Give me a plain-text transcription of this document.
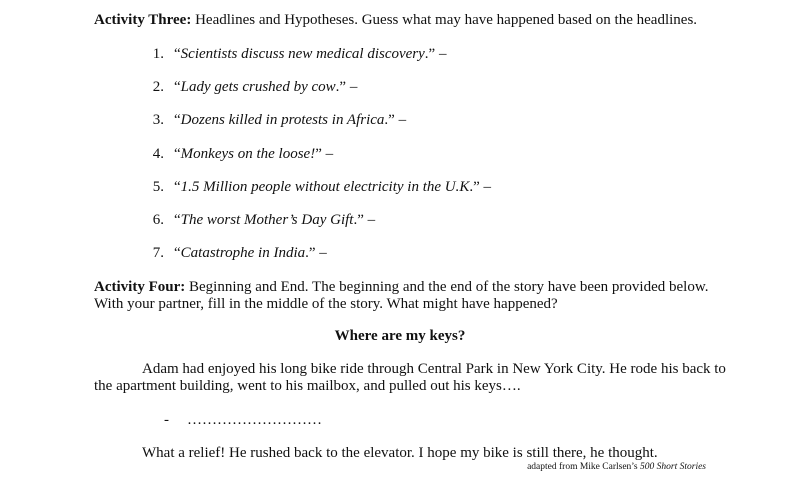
Activity Three: Headlines and Hypotheses. Guess what may have happened based on the headlines.
1. “Scientists discuss new medical discovery.” –
2. “Lady gets crushed by cow.” –
3. “Dozens killed in protests in Africa.” –
4. “Monkeys on the loose!” –
5. “1.5 Million people without electricity in the U.K.” –
6. “The worst Mother’s Day Gift.” –
7. “Catastrophe in India.” –
Activity Four: Beginning and End. The beginning and the end of the story have been provided below.
With your partner, fill in the middle of the story. What might have happened?
Where are my keys?
Adam had enjoyed his long bike ride through Central Park in New York City. He rode his back to
the apartment building, went to his mailbox, and pulled out his keys….
- ………………………
What a relief! He rushed back to the elevator. I hope my bike is still there, he thought.
adapted from Mike Carlsen’s 500 Short Stories
